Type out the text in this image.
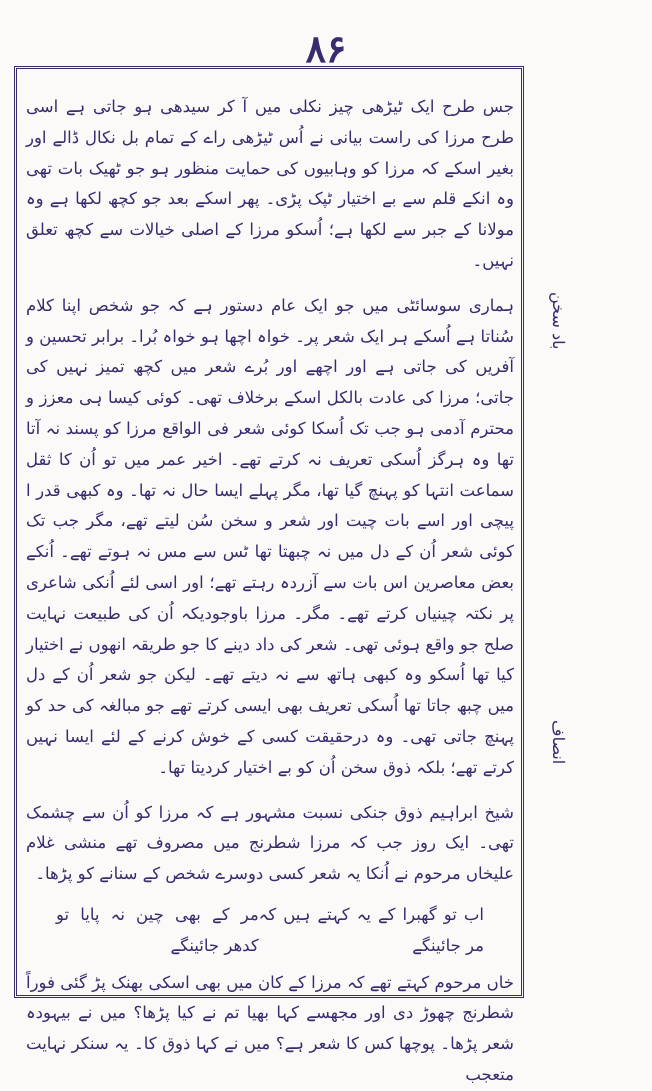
۸۶
باد سخن
انصاف

جس طرح ایک ٹیڑھی چیز نکلی میں آ کر سیدھی ہو جاتی ہے اسی طرح مرزا کی راست بیانی نے اُس ٹیڑھی راے کے تمام بل نکال ڈالے اور بغیر اسکے کہ مرزا کو وہابیوں کی حمایت منظور ہو جو ٹھیک بات تھی وہ انکے قلم سے بے اختیار ٹپک پڑی۔ پھر اسکے بعد جو کچھ لکھا ہے وہ مولانا کے جبر سے لکھا ہے؛ اُسکو مرزا کے اصلی خیالات سے کچھ تعلق نہیں۔

ہماری سوسائٹی میں جو ایک عام دستور ہے کہ جو شخص اپنا کلام سُناتا ہے اُسکے ہر ایک شعر پر۔ خواہ اچھا ہو خواہ بُرا۔ برابر تحسین و آفریں کی جاتی ہے اور اچھے اور بُرے شعر میں کچھ تمیز نہیں کی جاتی؛ مرزا کی عادت بالکل اسکے برخلاف تھی۔ کوئی کیسا ہی معزز و محترم آدمی ہو جب تک اُسکا کوئی شعر فی الواقع مرزا کو پسند نہ آتا تھا وہ ہرگز اُسکی تعریف نہ کرتے تھے۔ اخیر عمر میں تو اُن کا ثقل سماعت انتہا کو پہنچ گیا تھا، مگر پہلے ایسا حال نہ تھا۔ وہ کبھی قدر ا پیچی اور اسے بات چیت اور شعر و سخن سُن لیتے تھے، مگر جب تک کوئی شعر اُن کے دل میں نہ چبھتا تھا ٹس سے مس نہ ہوتے تھے۔ اُنکے بعض معاصرین اس بات سے آزردہ رہتے تھے؛ اور اسی لئے اُنکی شاعری پر نکتہ چینیاں کرتے تھے۔ مگر۔ مرزا باوجودیکہ اُن کی طبیعت نہایت صلح جو واقع ہوئی تھی۔ شعر کی داد دینے کا جو طریقہ انھوں نے اختیار کیا تھا اُسکو وہ کبھی ہاتھ سے نہ دیتے تھے۔ لیکن جو شعر اُن کے دل میں چبھ جاتا تھا اُسکی تعریف بھی ایسی کرتے تھے جو مبالغہ کی حد کو پہنچ جاتی تھی۔ وہ درحقیقت کسی کے خوش کرنے کے لئے ایسا نہیں کرتے تھے؛ بلکہ ذوق سخن اُن کو بے اختیار کردیتا تھا۔

شیخ ابراہیم ذوق جنکی نسبت مشہور ہے کہ مرزا کو اُن سے چشمک تھی۔ ایک روز جب کہ مرزا شطرنج میں مصروف تھے منشی غلام علیخاں مرحوم نے اُنکا یہ شعر کسی دوسرے شخص کے سنانے کو پڑھا۔

اب تو گھبرا کے یہ کہتے ہیں کہ مر جائینگے
مر کے بھی چین نہ پایا تو کدھر جائینگے

خاں مرحوم کہتے تھے کہ مرزا کے کان میں بھی اسکی بھنک پڑ گئی فوراً شطرنج چھوڑ دی اور مجھسے کہا بھیا تم نے کیا پڑھا؟ میں نے بیہودہ شعر پڑھا۔ پوچھا کس کا شعر ہے؟ میں نے کہا ذوق کا۔ یہ سنکر نہایت متعجب
